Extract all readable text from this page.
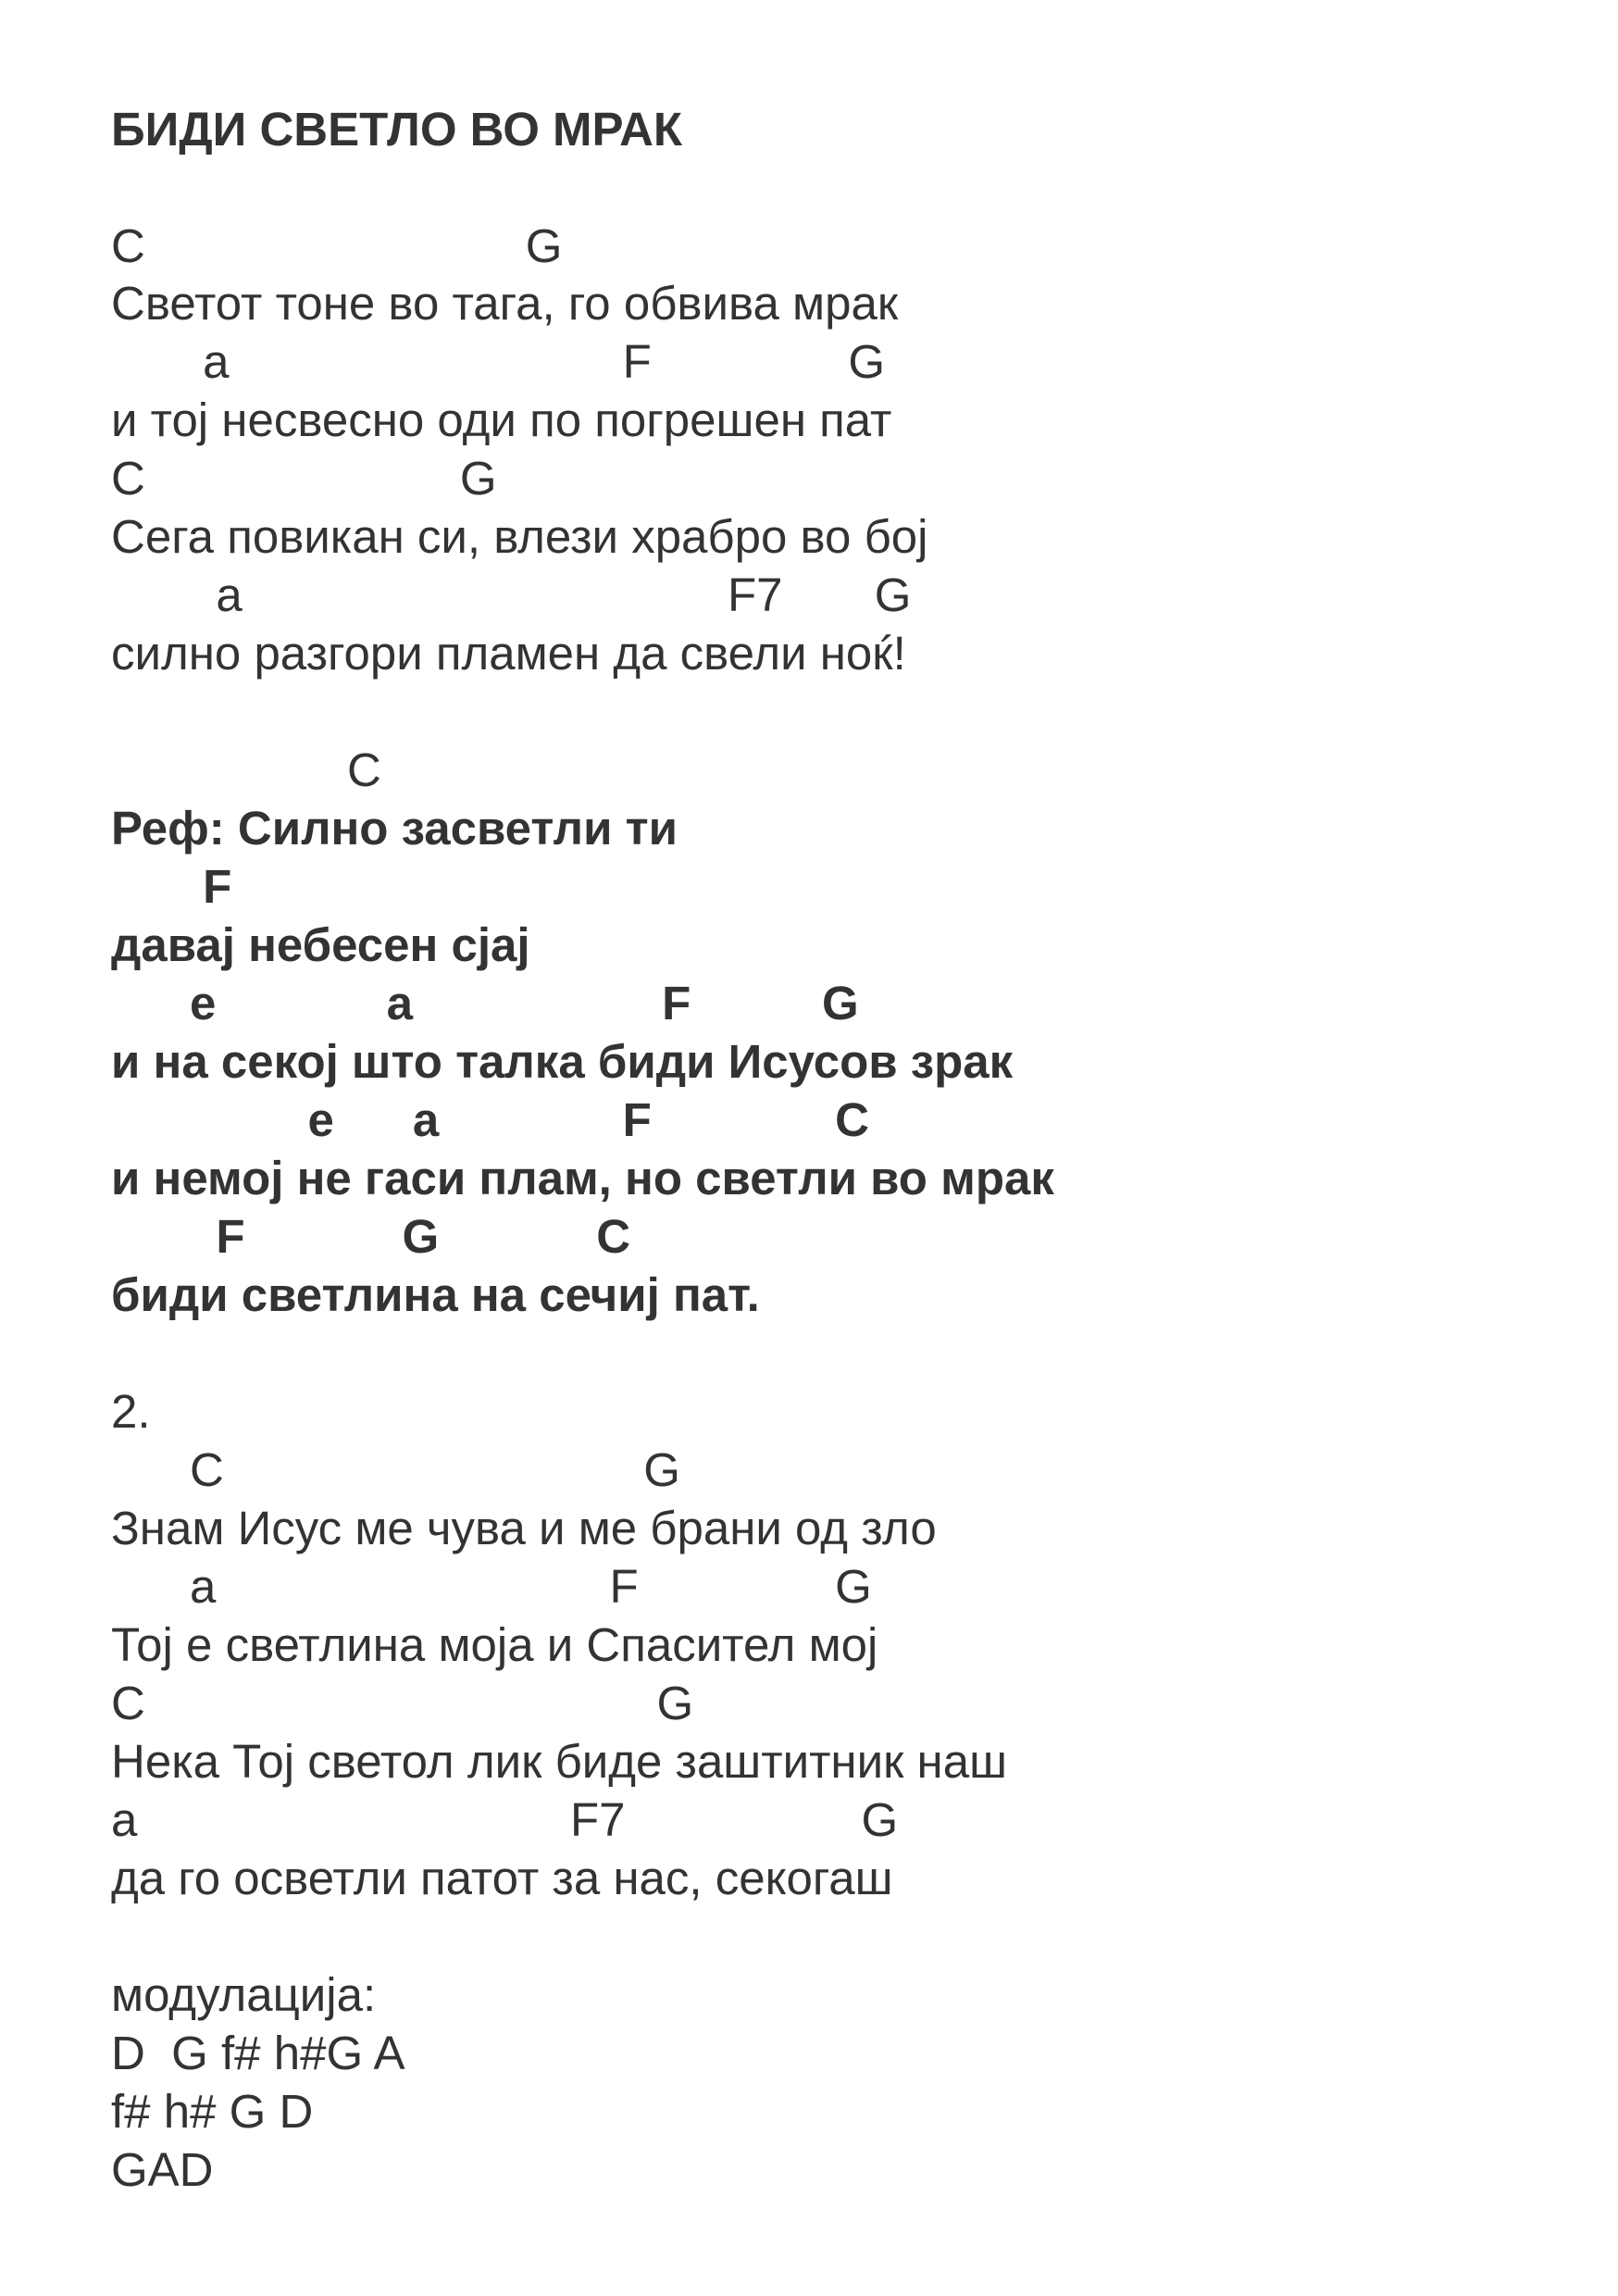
БИДИ СВЕТЛО ВО МРАК
C                             G
Светот тоне во тага, го обвива мрак
a                              F               G
и тој несвесно оди по погрешен пат
C                        G
Сега повикан си, влези храбро во бој
a                                     F7       G
силно разгори пламен да свели ноќ!
C
Реф: Силно засветли ти
F
давај небесен сјај
e             a                   F          G
и на секој што талка биди Исусов зрак
e      a              F              C
и немој не гаси плам, но светли во мрак
F            G            C
биди светлина на сечиј пат.
2.
C                                G
Знам Исус ме чува и ме брани од зло
a                              F               G
Тој е светлина моја и Спасител мој
C                                       G
Нека Тој светол лик биде заштитник наш
a                                 F7                  G
да го осветли патот за нас, секогаш
модулација:
D  G f# h#G A
f# h# G D
GAD
